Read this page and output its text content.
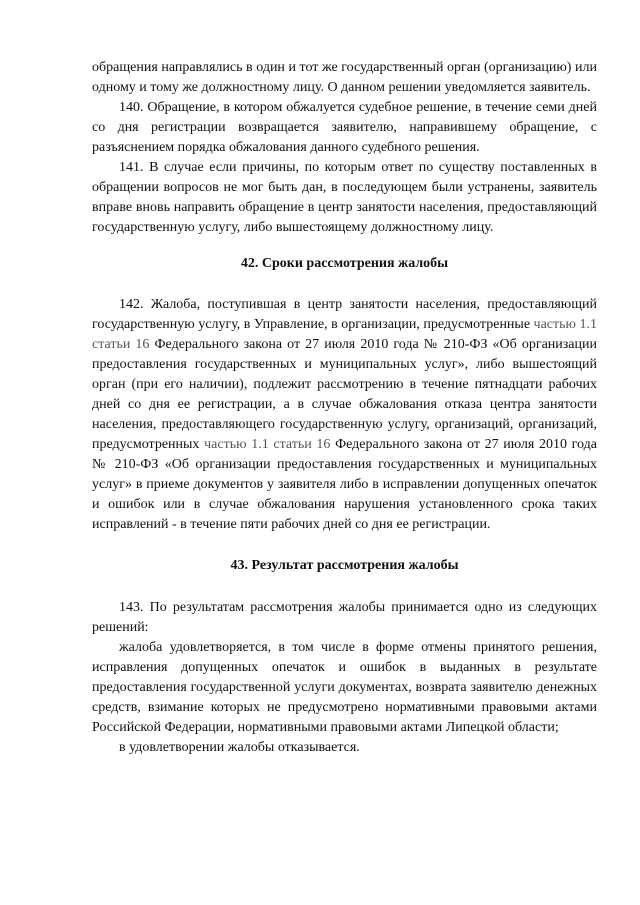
обращения направлялись в один и тот же государственный орган (организацию) или одному и тому же должностному лицу. О данном решении уведомляется заявитель.

140. Обращение, в котором обжалуется судебное решение, в течение семи дней со дня регистрации возвращается заявителю, направившему обращение, с разъяснением порядка обжалования данного судебного решения.

141. В случае если причины, по которым ответ по существу поставленных в обращении вопросов не мог быть дан, в последующем были устранены, заявитель вправе вновь направить обращение в центр занятости населения, предоставляющий государственную услугу, либо вышестоящему должностному лицу.

42. Сроки рассмотрения жалобы

142. Жалоба, поступившая в центр занятости населения, предоставляющий государственную услугу, в Управление, в организации, предусмотренные частью 1.1 статьи 16 Федерального закона от 27 июля 2010 года № 210-ФЗ «Об организации предоставления государственных и муниципальных услуг», либо вышестоящий орган (при его наличии), подлежит рассмотрению в течение пятнадцати рабочих дней со дня ее регистрации, а в случае обжалования отказа центра занятости населения, предоставляющего государственную услугу, организаций, организаций, предусмотренных частью 1.1 статьи 16 Федерального закона от 27 июля 2010 года № 210-ФЗ «Об организации предоставления государственных и муниципальных услуг» в приеме документов у заявителя либо в исправлении допущенных опечаток и ошибок или в случае обжалования нарушения установленного срока таких исправлений - в течение пяти рабочих дней со дня ее регистрации.

43. Результат рассмотрения жалобы

143. По результатам рассмотрения жалобы принимается одно из следующих решений:

жалоба удовлетворяется, в том числе в форме отмены принятого решения, исправления допущенных опечаток и ошибок в выданных в результате предоставления государственной услуги документах, возврата заявителю денежных средств, взимание которых не предусмотрено нормативными правовыми актами Российской Федерации, нормативными правовыми актами Липецкой области;

в удовлетворении жалобы отказывается.
